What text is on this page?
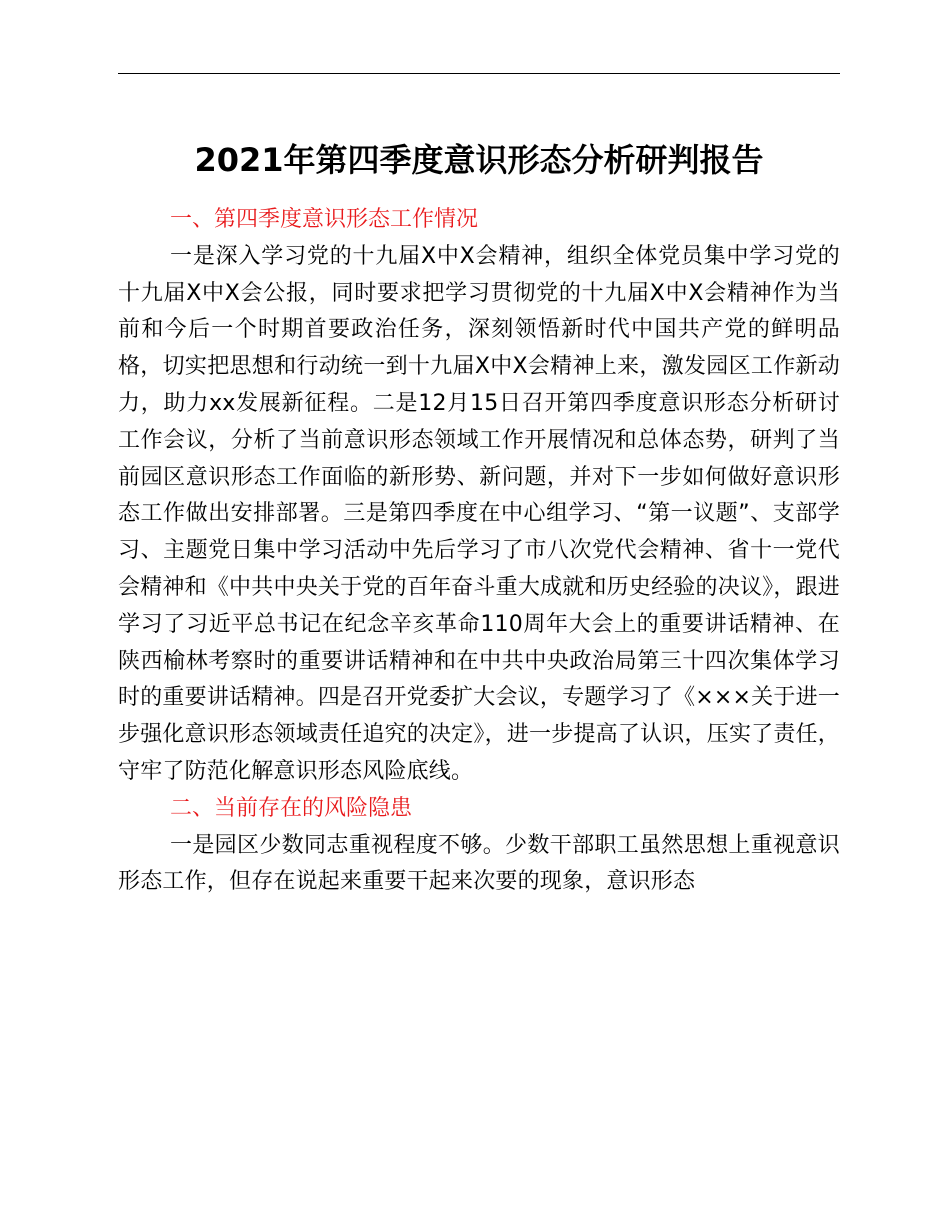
2021年第四季度意识形态分析研判报告

一、第四季度意识形态工作情况

一是深入学习党的十九届X中X会精神，组织全体党员集中学习党的十九届X中X会公报，同时要求把学习贯彻党的十九届X中X会精神作为当前和今后一个时期首要政治任务，深刻领悟新时代中国共产党的鲜明品格，切实把思想和行动统一到十九届X中X会精神上来，激发园区工作新动力，助力xx发展新征程。二是12月15日召开第四季度意识形态分析研讨工作会议，分析了当前意识形态领域工作开展情况和总体态势，研判了当前园区意识形态工作面临的新形势、新问题，并对下一步如何做好意识形态工作做出安排部署。三是第四季度在中心组学习、“第一议题”、支部学习、主题党日集中学习活动中先后学习了市八次党代会精神、省十一党代会精神和《中共中央关于党的百年奋斗重大成就和历史经验的决议》，跟进学习了习近平总书记在纪念辛亥革命110周年大会上的重要讲话精神、在陕西榆林考察时的重要讲话精神和在中共中央政治局第三十四次集体学习时的重要讲话精神。四是召开党委扩大会议，专题学习了《×××关于进一步强化意识形态领域责任追究的决定》，进一步提高了认识，压实了责任，守牢了防范化解意识形态风险底线。

二、当前存在的风险隐患

一是园区少数同志重视程度不够。少数干部职工虽然思想上重视意识形态工作，但存在说起来重要干起来次要的现象，意识形态
